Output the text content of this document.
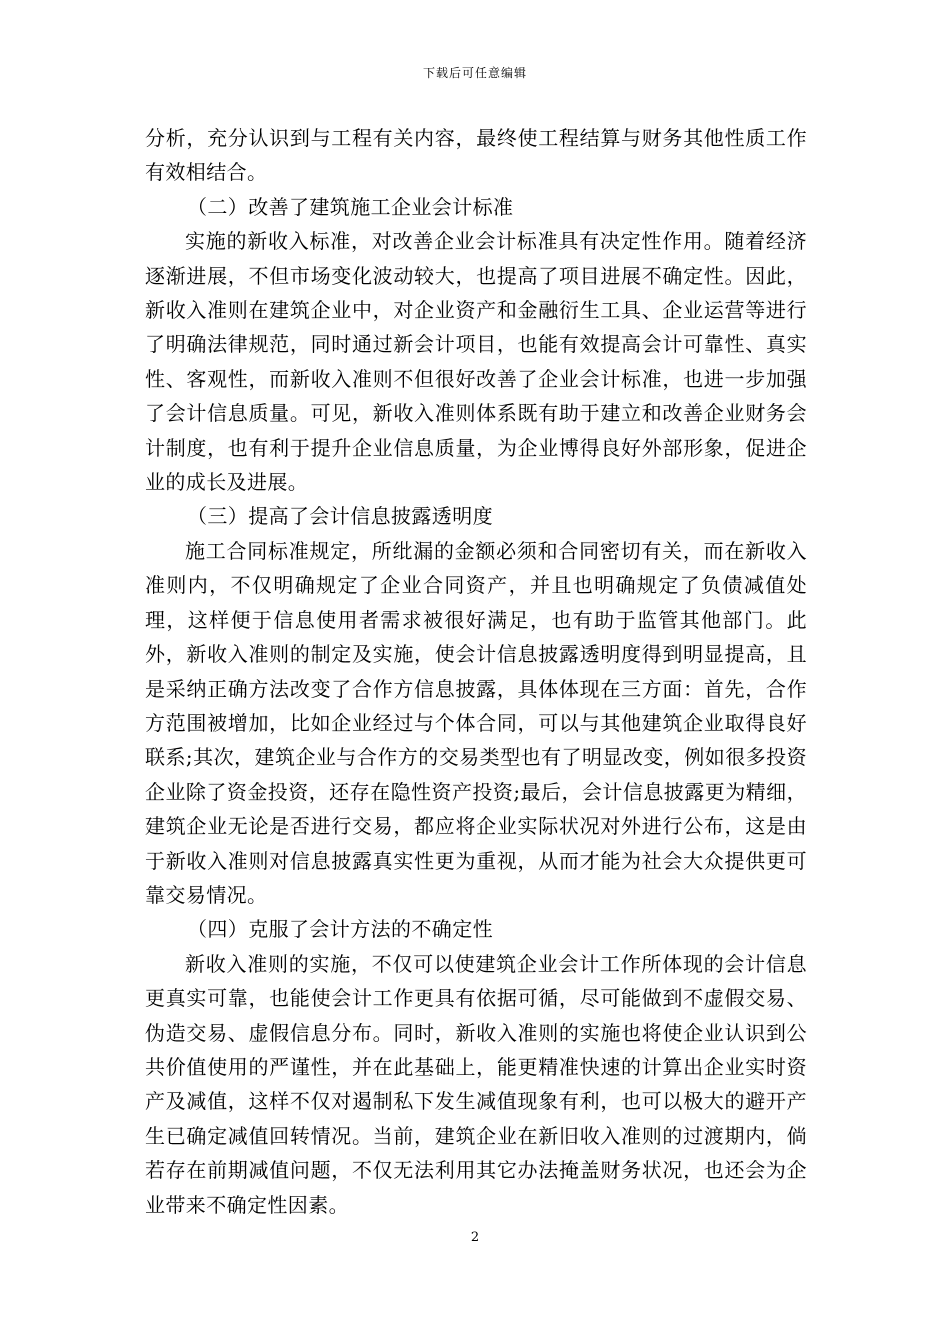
下载后可任意编辑

分析，充分认识到与工程有关内容，最终使工程结算与财务其他性质工作有效相结合。

（二）改善了建筑施工企业会计标准

实施的新收入标准，对改善企业会计标准具有决定性作用。随着经济逐渐进展，不但市场变化波动较大，也提高了项目进展不确定性。因此，新收入准则在建筑企业中，对企业资产和金融衍生工具、企业运营等进行了明确法律规范，同时通过新会计项目，也能有效提高会计可靠性、真实性、客观性，而新收入准则不但很好改善了企业会计标准，也进一步加强了会计信息质量。可见，新收入准则体系既有助于建立和改善企业财务会计制度，也有利于提升企业信息质量，为企业博得良好外部形象，促进企业的成长及进展。

（三）提高了会计信息披露透明度

施工合同标准规定，所纰漏的金额必须和合同密切有关，而在新收入准则内，不仅明确规定了企业合同资产，并且也明确规定了负债减值处理，这样便于信息使用者需求被很好满足，也有助于监管其他部门。此外，新收入准则的制定及实施，使会计信息披露透明度得到明显提高，且是采纳正确方法改变了合作方信息披露，具体体现在三方面：首先，合作方范围被增加，比如企业经过与个体合同，可以与其他建筑企业取得良好联系;其次，建筑企业与合作方的交易类型也有了明显改变，例如很多投资企业除了资金投资，还存在隐性资产投资;最后，会计信息披露更为精细，建筑企业无论是否进行交易，都应将企业实际状况对外进行公布，这是由于新收入准则对信息披露真实性更为重视，从而才能为社会大众提供更可靠交易情况。

（四）克服了会计方法的不确定性

新收入准则的实施，不仅可以使建筑企业会计工作所体现的会计信息更真实可靠，也能使会计工作更具有依据可循，尽可能做到不虚假交易、伪造交易、虚假信息分布。同时，新收入准则的实施也将使企业认识到公共价值使用的严谨性，并在此基础上，能更精准快速的计算出企业实时资产及减值，这样不仅对遏制私下发生减值现象有利，也可以极大的避开产生已确定减值回转情况。当前，建筑企业在新旧收入准则的过渡期内，倘若存在前期减值问题，不仅无法利用其它办法掩盖财务状况，也还会为企业带来不确定性因素。

2
